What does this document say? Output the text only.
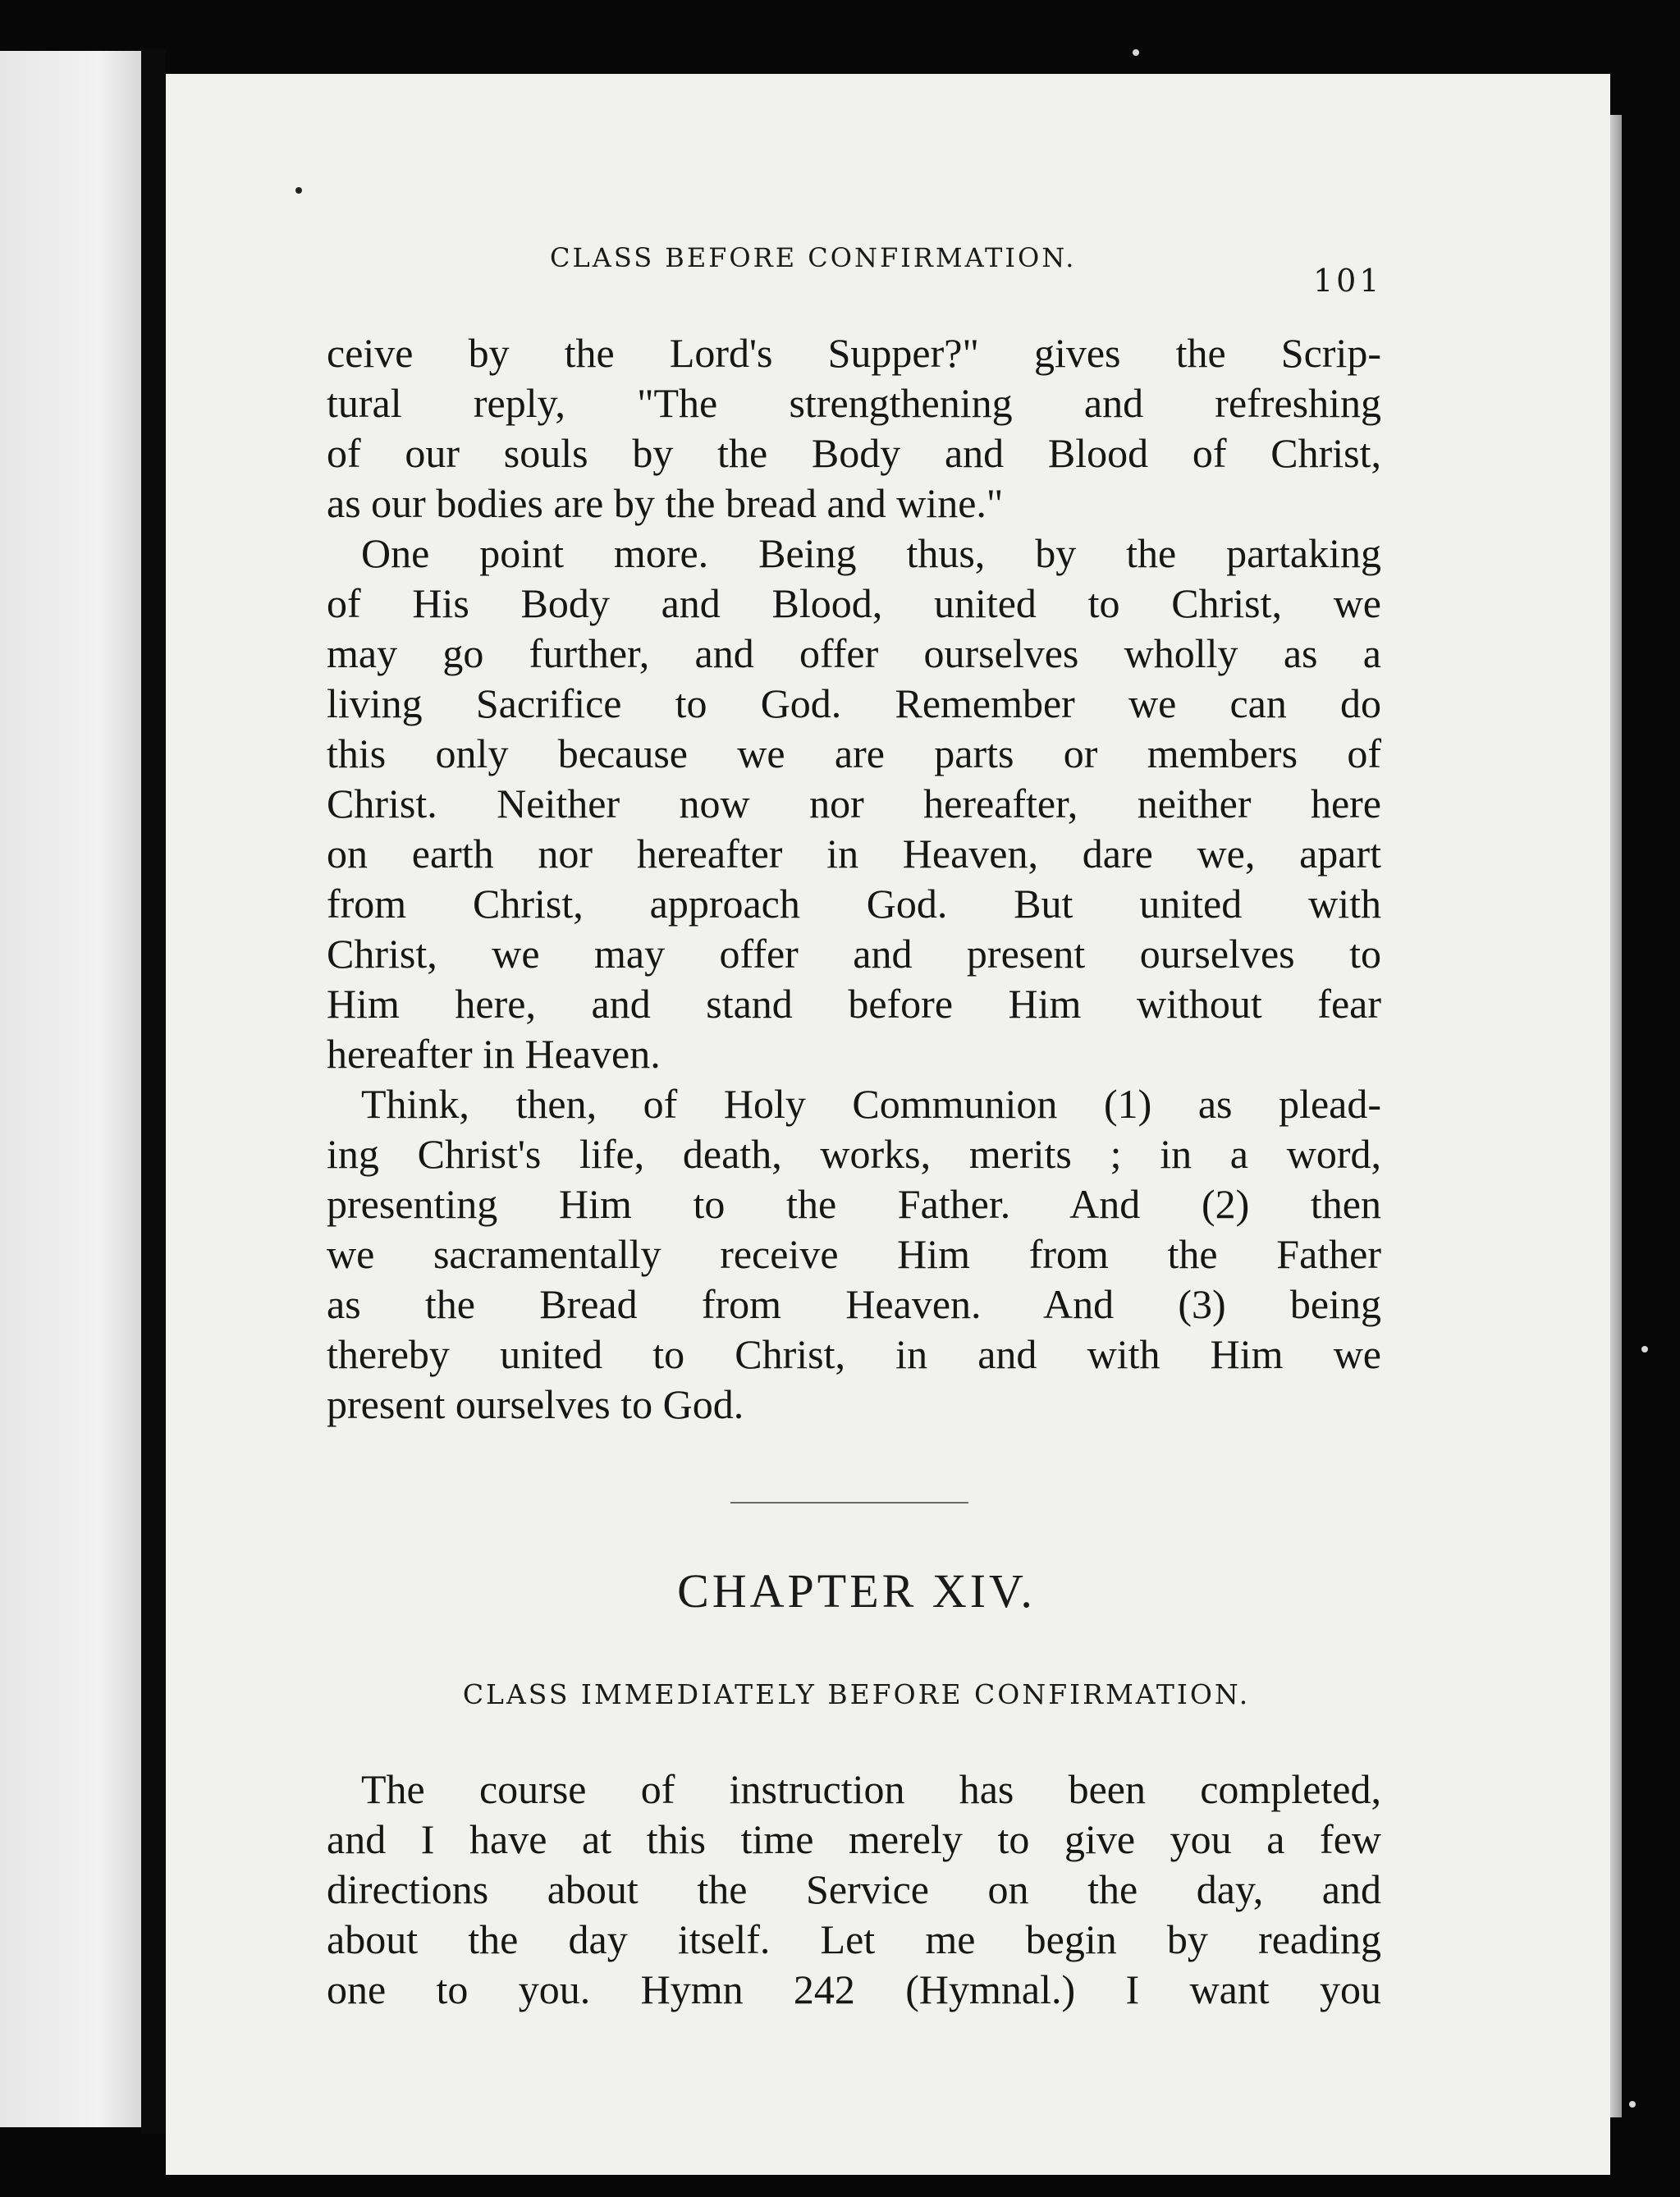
CLASS BEFORE CONFIRMATION.
101

ceive by the Lord's Supper?" gives the Scrip-
tural reply, "The strengthening and refreshing
of our souls by the Body and Blood of Christ,
as our bodies are by the bread and wine."

One point more. Being thus, by the partaking
of His Body and Blood, united to Christ, we
may go further, and offer ourselves wholly as a
living Sacrifice to God. Remember we can do
this only because we are parts or members of
Christ. Neither now nor hereafter, neither here
on earth nor hereafter in Heaven, dare we, apart
from Christ, approach God. But united with
Christ, we may offer and present ourselves to
Him here, and stand before Him without fear
hereafter in Heaven.

Think, then, of Holy Communion (1) as plead-
ing Christ's life, death, works, merits ; in a word,
presenting Him to the Father. And (2) then
we sacramentally receive Him from the Father
as the Bread from Heaven. And (3) being
thereby united to Christ, in and with Him we
present ourselves to God.

CHAPTER XIV.
CLASS IMMEDIATELY BEFORE CONFIRMATION.

The course of instruction has been completed,
and I have at this time merely to give you a few
directions about the Service on the day, and
about the day itself. Let me begin by reading
one to you. Hymn 242 (Hymnal.) I want you
